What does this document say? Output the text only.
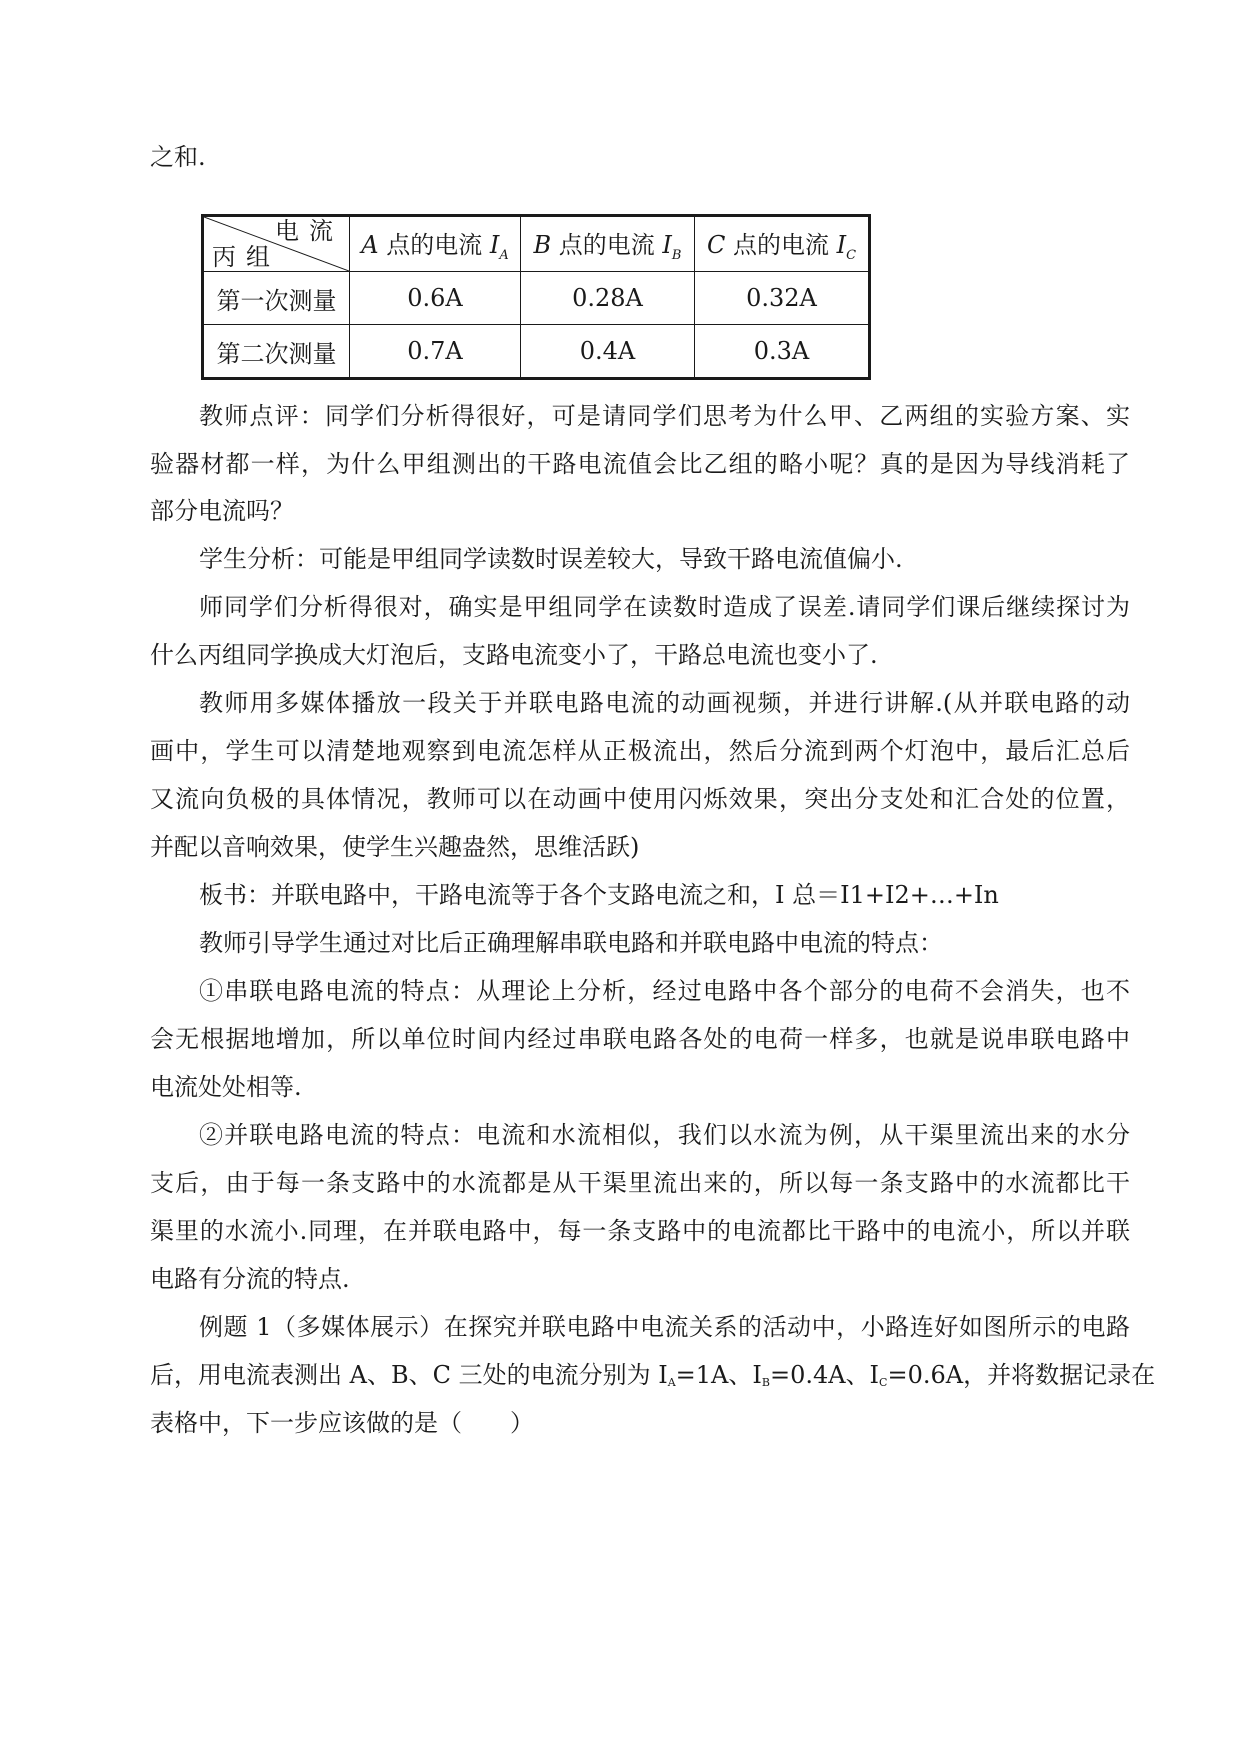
之和.
电流
丙组	A 点的电流 $I_A$	B 点的电流 $I_B$	C 点的电流 $I_C$
第一次测量	0.6A	0.28A	0.32A
第二次测量	0.7A	0.4A	0.3A
教师点评：同学们分析得很好，可是请同学们思考为什么甲、乙两组的实验方案、实
验器材都一样，为什么甲组测出的干路电流值会比乙组的略小呢？真的是因为导线消耗了
部分电流吗？
学生分析：可能是甲组同学读数时误差较大，导致干路电流值偏小.
师同学们分析得很对，确实是甲组同学在读数时造成了误差.请同学们课后继续探讨为
什么丙组同学换成大灯泡后，支路电流变小了，干路总电流也变小了.
教师用多媒体播放一段关于并联电路电流的动画视频，并进行讲解.(从并联电路的动
画中，学生可以清楚地观察到电流怎样从正极流出，然后分流到两个灯泡中，最后汇总后
又流向负极的具体情况，教师可以在动画中使用闪烁效果，突出分支处和汇合处的位置，
并配以音响效果，使学生兴趣盎然，思维活跃)
板书：并联电路中，干路电流等于各个支路电流之和，I 总＝I1+I2+…+In
教师引导学生通过对比后正确理解串联电路和并联电路中电流的特点：
①串联电路电流的特点：从理论上分析，经过电路中各个部分的电荷不会消失，也不
会无根据地增加，所以单位时间内经过串联电路各处的电荷一样多，也就是说串联电路中
电流处处相等.
②并联电路电流的特点：电流和水流相似，我们以水流为例，从干渠里流出来的水分
支后，由于每一条支路中的水流都是从干渠里流出来的，所以每一条支路中的水流都比干
渠里的水流小.同理，在并联电路中，每一条支路中的电流都比干路中的电流小，所以并联
电路有分流的特点.
例题 1（多媒体展示）在探究并联电路中电流关系的活动中，小路连好如图所示的电路
后，用电流表测出 A、B、C 三处的电流分别为 IA=1A、IB=0.4A、IC=0.6A，并将数据记录在
表格中，下一步应该做的是（　　）
